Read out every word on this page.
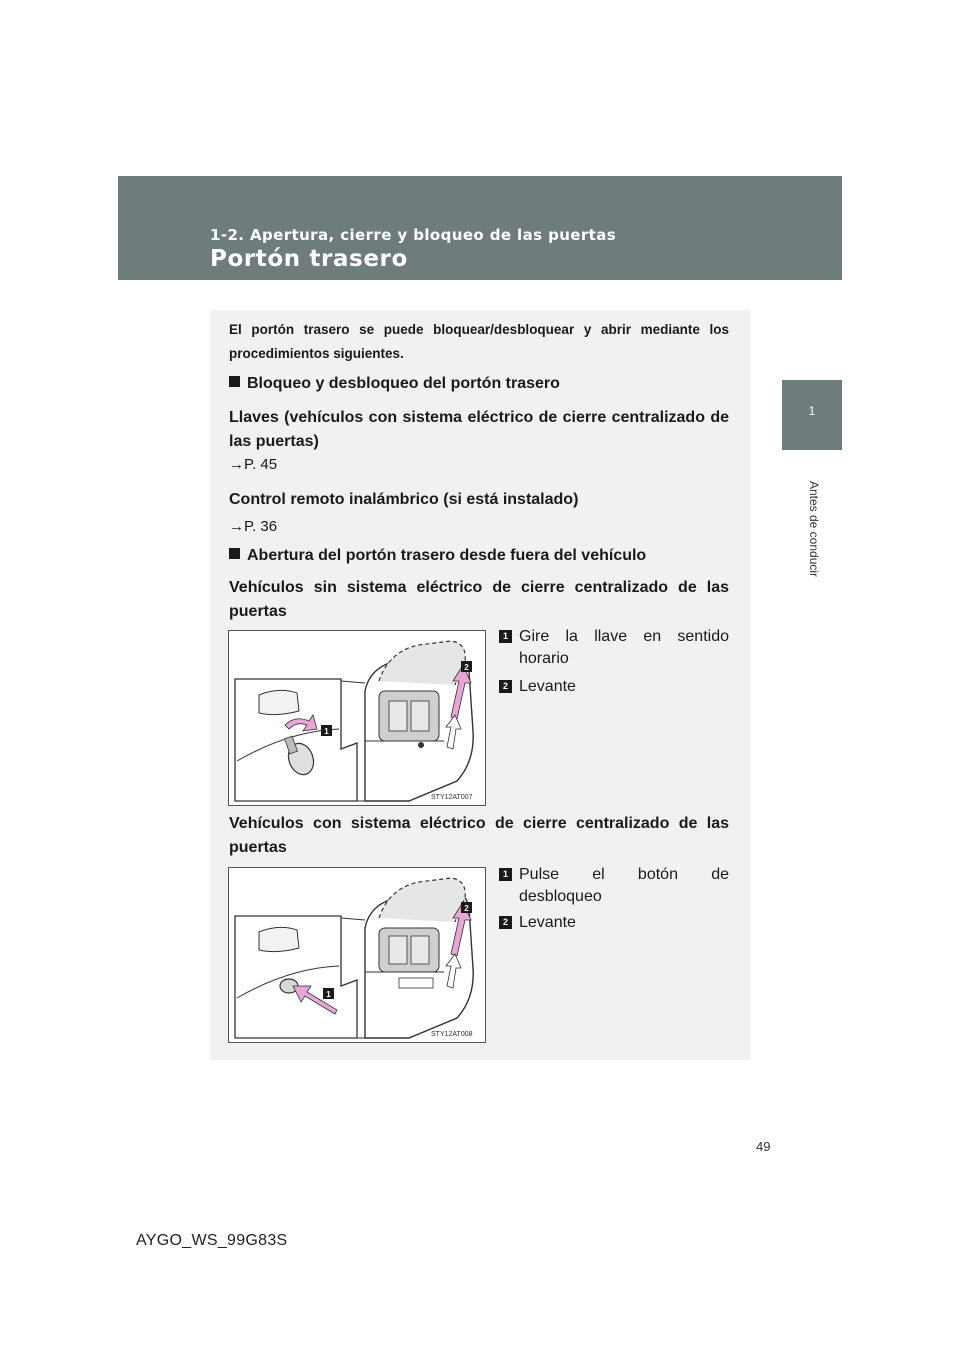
1-2. Apertura, cierre y bloqueo de las puertas
Portón trasero
1
Antes de conducir
El portón trasero se puede bloquear/desbloquear y abrir mediante los procedimientos siguientes.
Bloqueo y desbloqueo del portón trasero
Llaves (vehículos con sistema eléctrico de cierre centralizado de las puertas)
→P. 45
Control remoto inalámbrico (si está instalado)
→P. 36
Abertura del portón trasero desde fuera del vehículo
Vehículos sin sistema eléctrico de cierre centralizado de las puertas
1
2
STY12AT007
1 Gire la llave en sentido horario
2 Levante
Vehículos con sistema eléctrico de cierre centralizado de las puertas
1
2
STY12AT008
1 Pulse el botón de desbloqueo
2 Levante
49
AYGO_WS_99G83S
